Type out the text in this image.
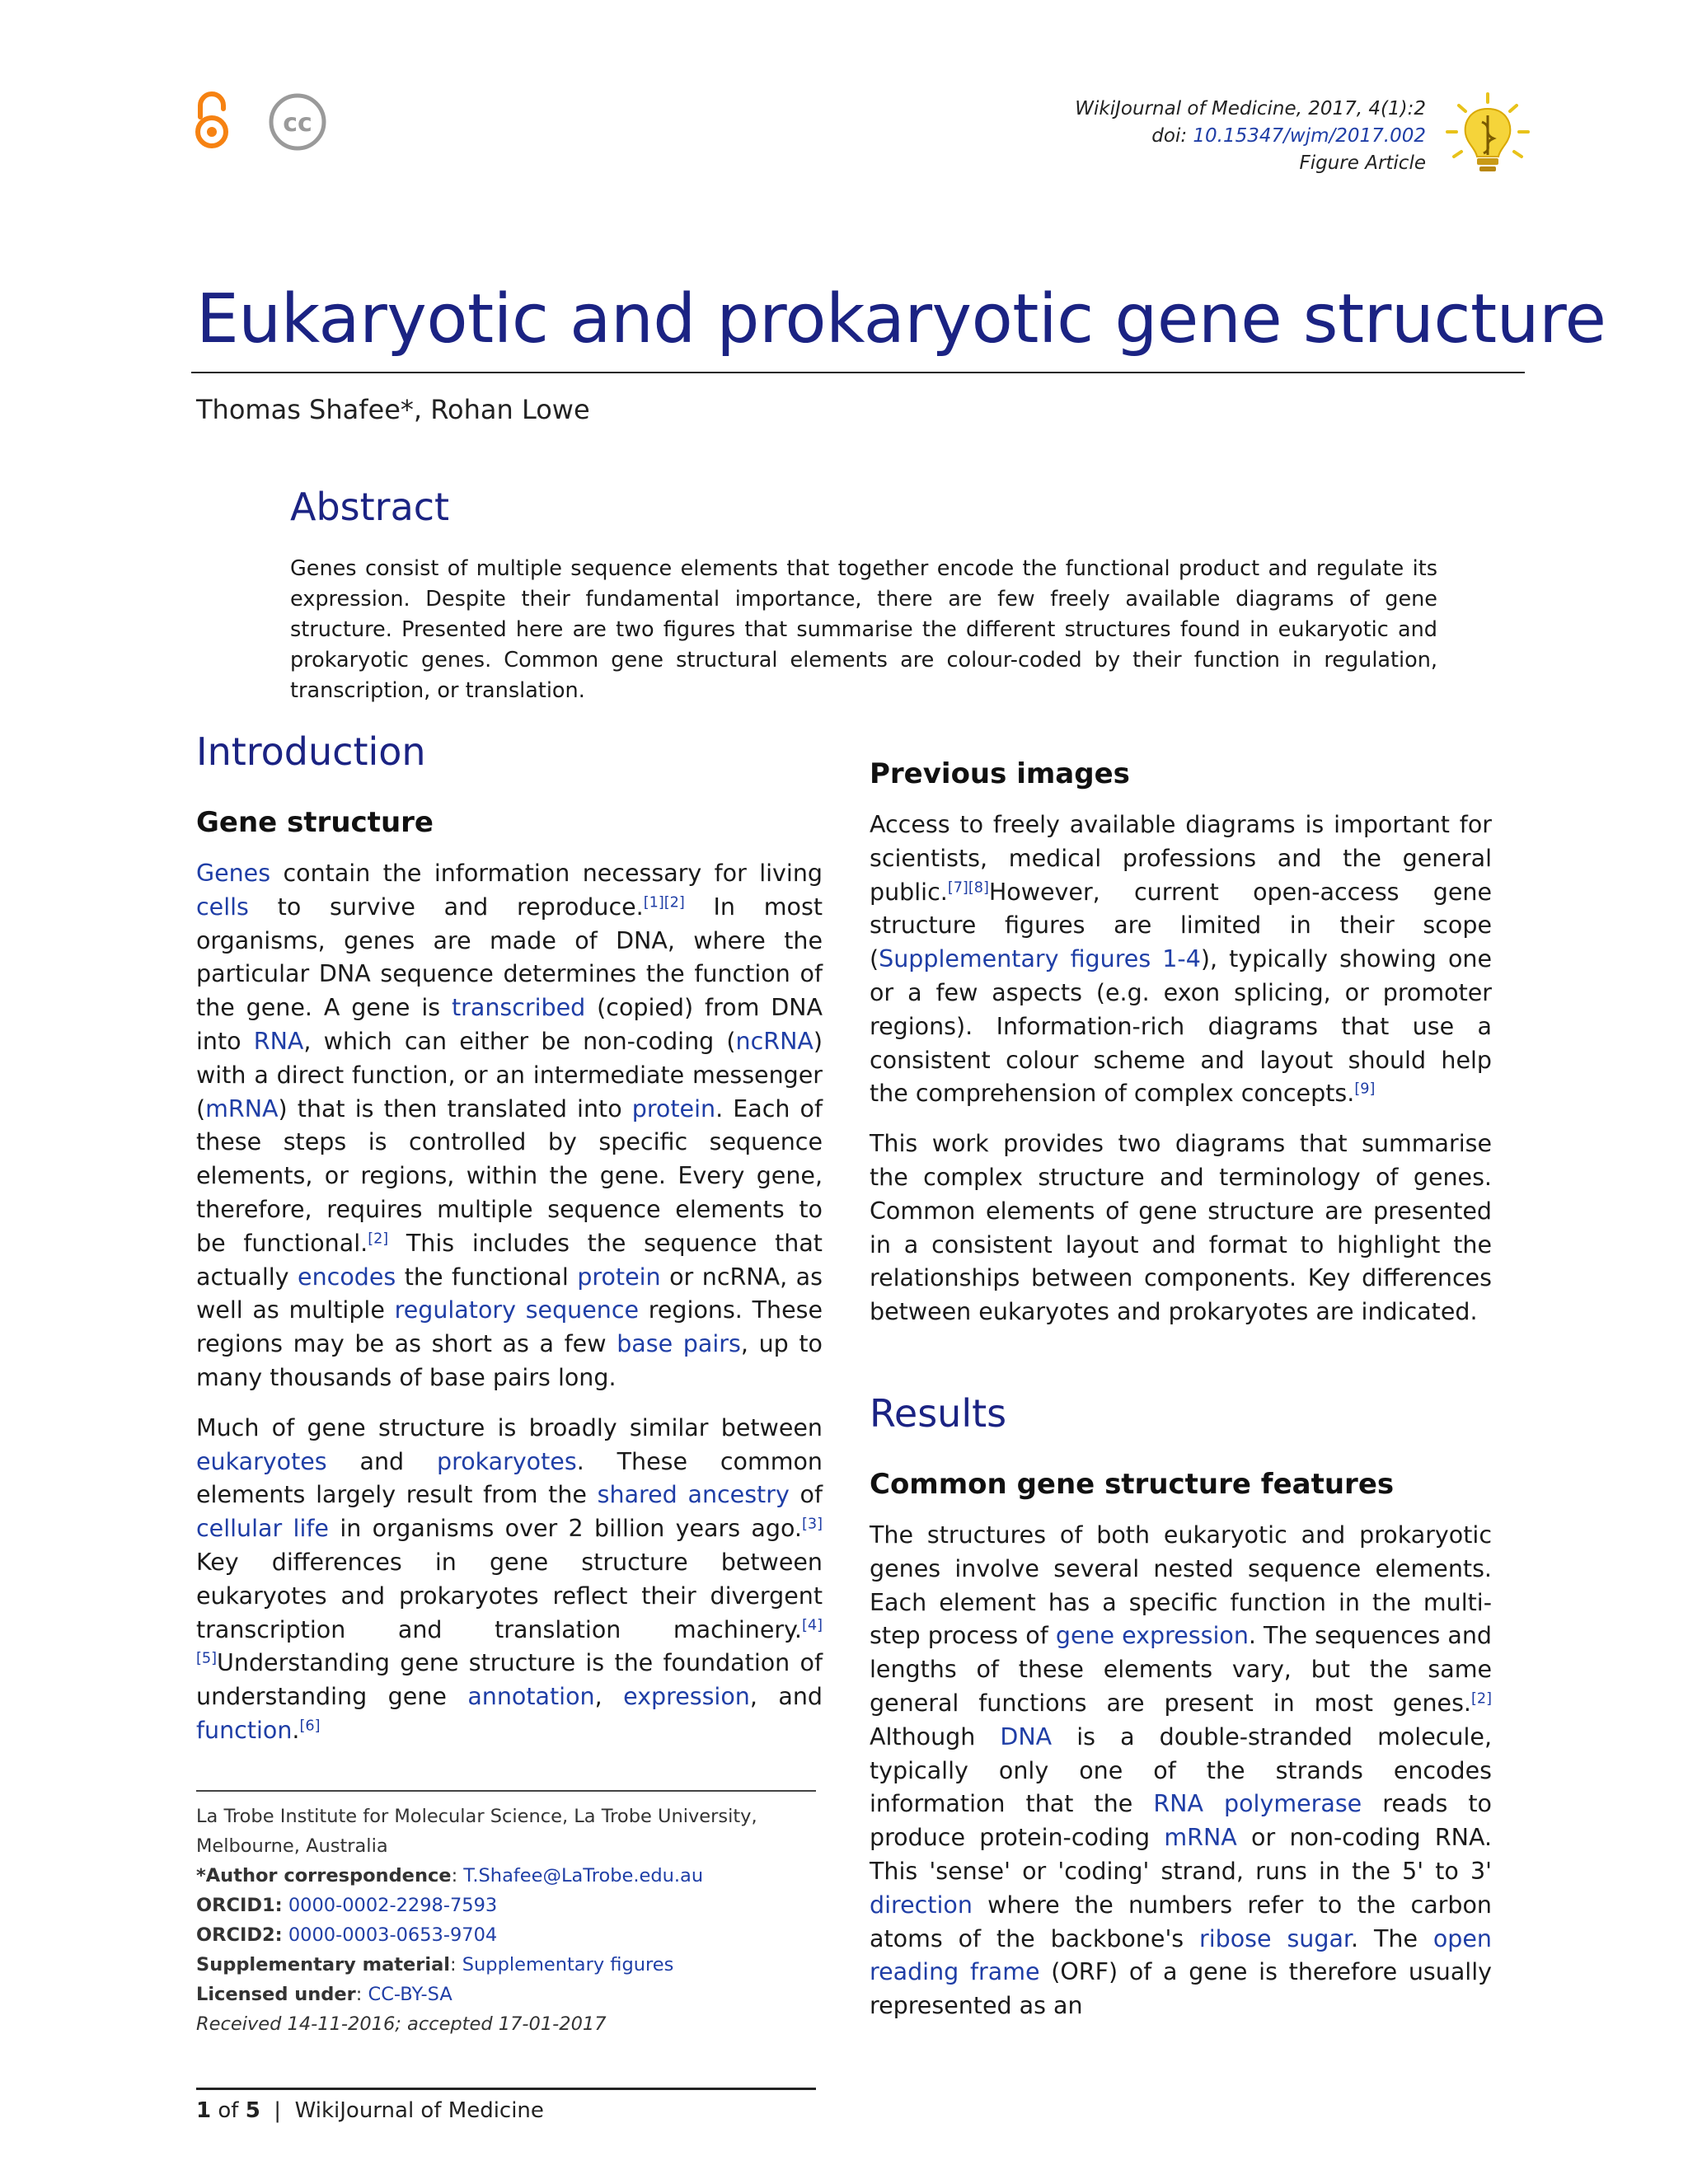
cc	WikiJournal of Medicine, 2017, 4(1):2
doi: 10.15347/wjm/2017.002
Figure Article
Eukaryotic and prokaryotic gene structure
Thomas Shafee*, Rohan Lowe
Abstract

Genes consist of multiple sequence elements that together encode the functional product and regulate its expression. Despite their fundamental importance, there are few freely available diagrams of gene structure. Presented here are two figures that summarise the different structures found in eukaryotic and prokaryotic genes. Common gene structural elements are colour-coded by their function in regulation, transcription, or translation.

Introduction
Gene structure

Genes contain the information necessary for living cells to survive and reproduce.[1][2] In most organisms, genes are made of DNA, where the particular DNA sequence determines the function of the gene. A gene is transcribed (copied) from DNA into RNA, which can either be non-coding (ncRNA) with a direct function, or an intermediate messenger (mRNA) that is then translated into protein. Each of these steps is controlled by specific sequence elements, or regions, within the gene. Every gene, therefore, requires multiple sequence elements to be functional.[2] This includes the sequence that actually encodes the functional protein or ncRNA, as well as multiple regulatory sequence regions. These regions may be as short as a few base pairs, up to many thousands of base pairs long.

Much of gene structure is broadly similar between eukaryotes and prokaryotes. These common elements largely result from the shared ancestry of cellular life in organisms over 2 billion years ago.[3] Key differences in gene structure between eukaryotes and prokaryotes reflect their divergent transcription and translation machinery.[4][5]Understanding gene structure is the foundation of understanding gene annotation, expression, and function.[6]

Previous images

Access to freely available diagrams is important for scientists, medical professions and the general public.[7][8]However, current open-access gene structure figures are limited in their scope (Supplementary figures 1-4), typically showing one or a few aspects (e.g. exon splicing, or promoter regions). Information-rich diagrams that use a consistent colour scheme and layout should help the comprehension of complex concepts.[9]

This work provides two diagrams that summarise the complex structure and terminology of genes. Common elements of gene structure are presented in a consistent layout and format to highlight the relationships between components. Key differences between eukaryotes and prokaryotes are indicated.

Results
Common gene structure features

The structures of both eukaryotic and prokaryotic genes involve several nested sequence elements. Each element has a specific function in the multi-step process of gene expression. The sequences and lengths of these elements vary, but the same general functions are present in most genes.[2] Although DNA is a double-stranded molecule, typically only one of the strands encodes information that the RNA polymerase reads to produce protein-coding mRNA or non-coding RNA. This 'sense' or 'coding' strand, runs in the 5' to 3' direction where the numbers refer to the carbon atoms of the backbone's ribose sugar. The open reading frame (ORF) of a gene is therefore usually represented as an

La Trobe Institute for Molecular Science, La Trobe University, Melbourne, Australia
*Author correspondence: T.Shafee@LaTrobe.edu.au
ORCID1: 0000-0002-2298-7593
ORCID2: 0000-0003-0653-9704
Supplementary material: Supplementary figures
Licensed under: CC-BY-SA
Received 14-11-2016; accepted 17-01-2017
1 of 5  |  WikiJournal of Medicine
